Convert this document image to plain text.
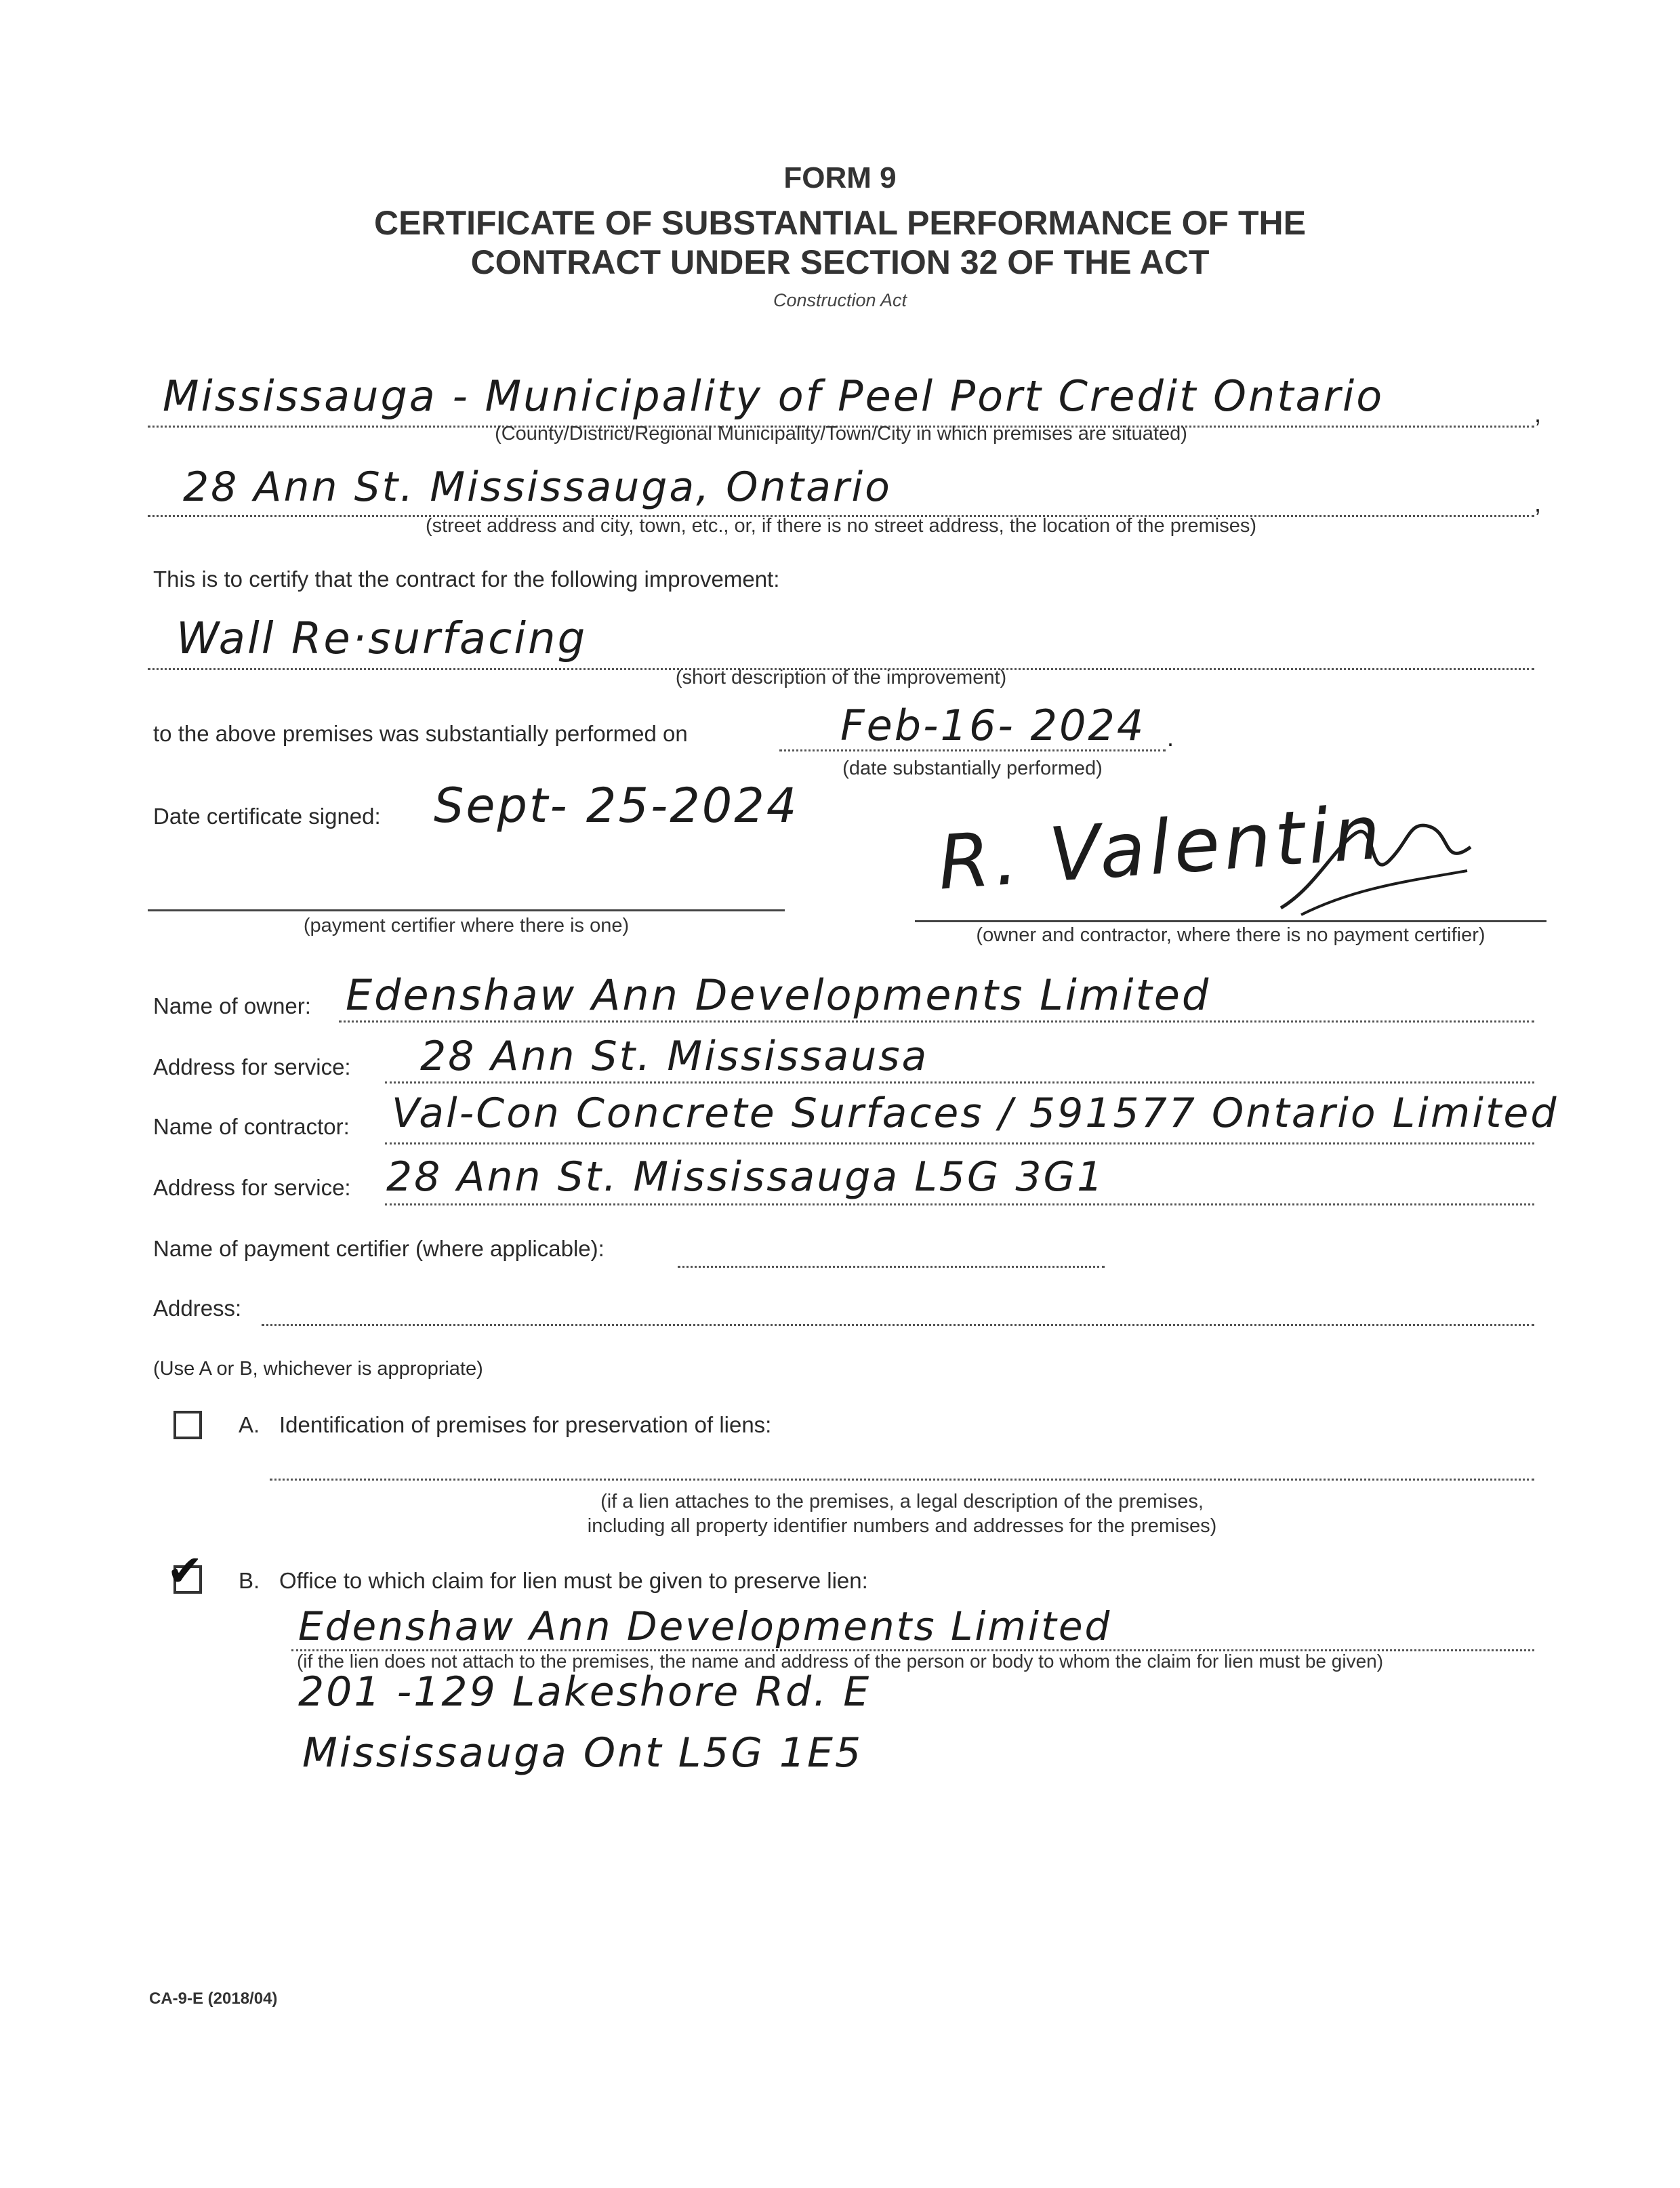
FORM 9
CERTIFICATE OF SUBSTANTIAL PERFORMANCE OF THE
CONTRACT UNDER SECTION 32 OF THE ACT
Construction Act
Mississauga - Municipality of Peel Port Credit Ontario	,
(County/District/Regional Municipality/Town/City in which premises are situated)
28 Ann St. Mississauga, Ontario	,
(street address and city, town, etc., or, if there is no street address, the location of the premises)
This is to certify that the contract for the following improvement:
Wall Re·surfacing
(short description of the improvement)
to the above premises was substantially performed on	Feb-16- 2024 .
(date substantially performed)
Date certificate signed: Sept- 25-2024
(payment certifier where there is one)
R. Valentin
(owner and contractor, where there is no payment certifier)
Name of owner: Edenshaw Ann Developments Limited
Address for service: 28 Ann St. Mississausa
Name of contractor: Val-Con Concrete Surfaces / 591577 Ontario Limited
Address for service: 28 Ann St. Mississauga L5G 3G1
Name of payment certifier (where applicable):
Address:
(Use A or B, whichever is appropriate)
A. Identification of premises for preservation of liens:
(if a lien attaches to the premises, a legal description of the premises,
including all property identifier numbers and addresses for the premises)
✔ B. Office to which claim for lien must be given to preserve lien:
Edenshaw Ann Developments Limited
(if the lien does not attach to the premises, the name and address of the person or body to whom the claim for lien must be given)
201 -129 Lakeshore Rd. E
Mississauga Ont L5G 1E5
CA-9-E (2018/04)
